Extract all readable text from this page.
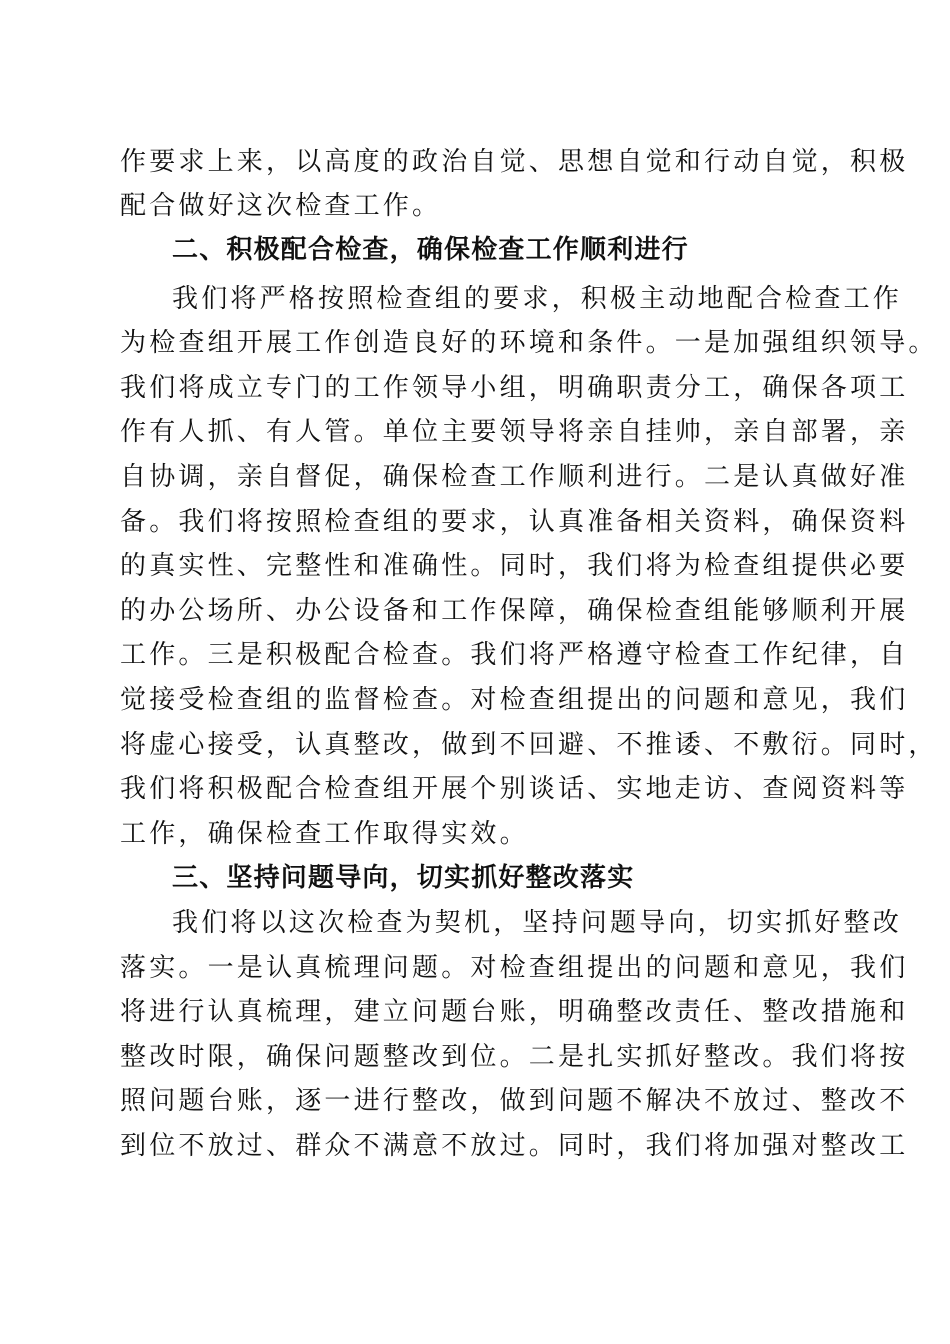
作要求上来，以高度的政治自觉、思想自觉和行动自觉，积极
配合做好这次检查工作。
二、积极配合检查，确保检查工作顺利进行
我们将严格按照检查组的要求，积极主动地配合检查工作
为检查组开展工作创造良好的环境和条件。一是加强组织领导。
我们将成立专门的工作领导小组，明确职责分工，确保各项工
作有人抓、有人管。单位主要领导将亲自挂帅，亲自部署，亲
自协调，亲自督促，确保检查工作顺利进行。二是认真做好准
备。我们将按照检查组的要求，认真准备相关资料，确保资料
的真实性、完整性和准确性。同时，我们将为检查组提供必要
的办公场所、办公设备和工作保障，确保检查组能够顺利开展
工作。三是积极配合检查。我们将严格遵守检查工作纪律，自
觉接受检查组的监督检查。对检查组提出的问题和意见，我们
将虚心接受，认真整改，做到不回避、不推诿、不敷衍。同时，
我们将积极配合检查组开展个别谈话、实地走访、查阅资料等
工作，确保检查工作取得实效。
三、坚持问题导向，切实抓好整改落实
我们将以这次检查为契机，坚持问题导向，切实抓好整改
落实。一是认真梳理问题。对检查组提出的问题和意见，我们
将进行认真梳理，建立问题台账，明确整改责任、整改措施和
整改时限，确保问题整改到位。二是扎实抓好整改。我们将按
照问题台账，逐一进行整改，做到问题不解决不放过、整改不
到位不放过、群众不满意不放过。同时，我们将加强对整改工
